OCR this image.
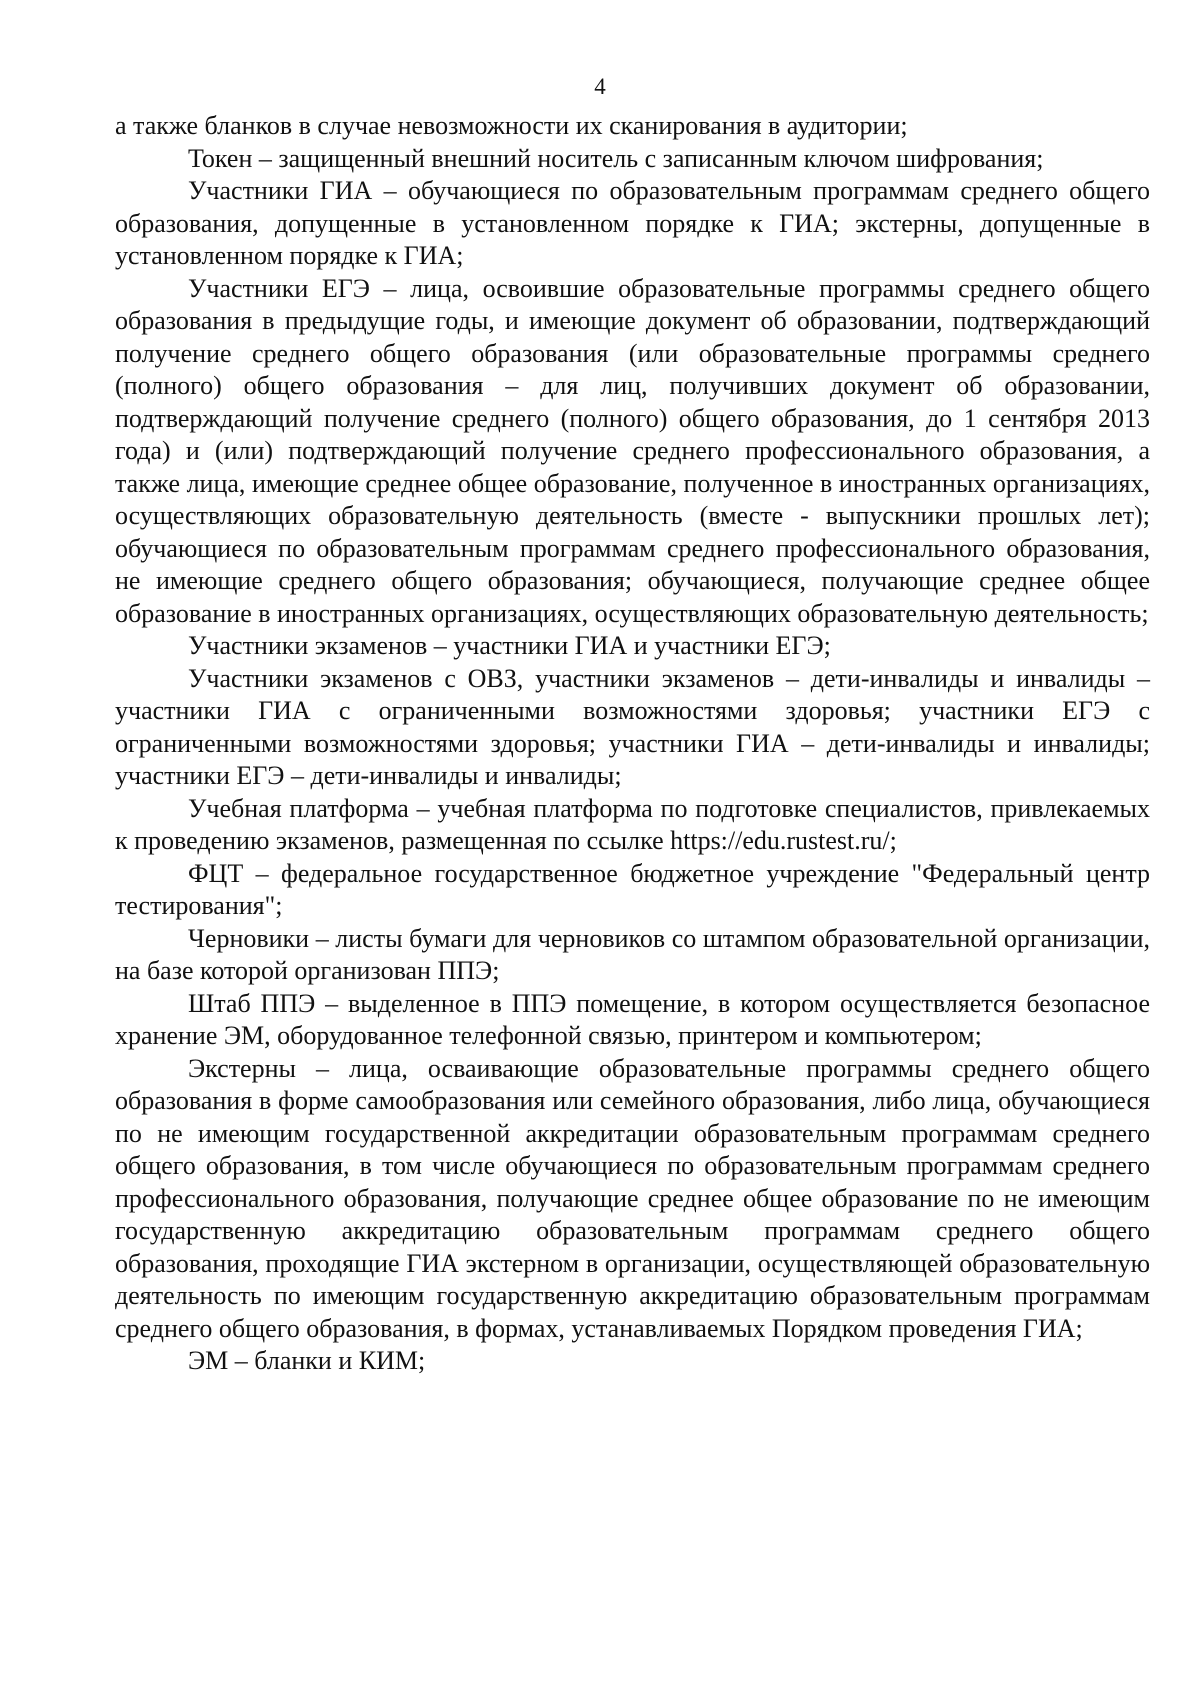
4

а также бланков в случае невозможности их сканирования в аудитории;

Токен – защищенный внешний носитель с записанным ключом шифрования;

Участники ГИА – обучающиеся по образовательным программам среднего общего образования, допущенные в установленном порядке к ГИА; экстерны, допущенные в установленном порядке к ГИА;

Участники ЕГЭ – лица, освоившие образовательные программы среднего общего образования в предыдущие годы, и имеющие документ об образовании, подтверждающий получение среднего общего образования (или образовательные программы среднего (полного) общего образования – для лиц, получивших документ об образовании, подтверждающий получение среднего (полного) общего образования, до 1 сентября 2013 года) и (или) подтверждающий получение среднего профессионального образования, а также лица, имеющие среднее общее образование, полученное в иностранных организациях, осуществляющих образовательную деятельность (вместе - выпускники прошлых лет); обучающиеся по образовательным программам среднего профессионального образования, не имеющие среднего общего образования; обучающиеся, получающие среднее общее образование в иностранных организациях, осуществляющих образовательную деятельность;

Участники экзаменов – участники ГИА и участники ЕГЭ;

Участники экзаменов с ОВЗ, участники экзаменов – дети-инвалиды и инвалиды – участники ГИА с ограниченными возможностями здоровья; участники ЕГЭ с ограниченными возможностями здоровья; участники ГИА – дети-инвалиды и инвалиды; участники ЕГЭ – дети-инвалиды и инвалиды;

Учебная платформа – учебная платформа по подготовке специалистов, привлекаемых к проведению экзаменов, размещенная по ссылке https://edu.rustest.ru/;

ФЦТ – федеральное государственное бюджетное учреждение "Федеральный центр тестирования";

Черновики – листы бумаги для черновиков со штампом образовательной организации, на базе которой организован ППЭ;

Штаб ППЭ – выделенное в ППЭ помещение, в котором осуществляется безопасное хранение ЭМ, оборудованное телефонной связью, принтером и компьютером;

Экстерны – лица, осваивающие образовательные программы среднего общего образования в форме самообразования или семейного образования, либо лица, обучающиеся по не имеющим государственной аккредитации образовательным программам среднего общего образования, в том числе обучающиеся по образовательным программам среднего профессионального образования, получающие среднее общее образование по не имеющим государственную аккредитацию образовательным программам среднего общего образования, проходящие ГИА экстерном в организации, осуществляющей образовательную деятельность по имеющим государственную аккредитацию образовательным программам среднего общего образования, в формах, устанавливаемых Порядком проведения ГИА;

ЭМ – бланки и КИМ;
